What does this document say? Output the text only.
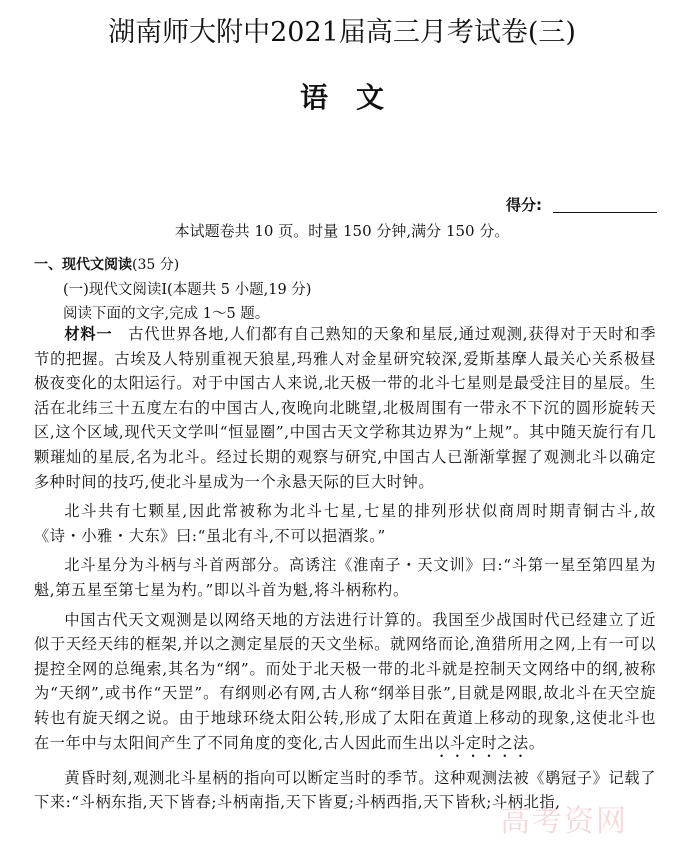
湖南师大附中2021届高三月考试卷(三)
语　文
得分:
本试题卷共 10 页。时量 150 分钟,满分 150 分。
一、现代文阅读(35 分)
(一)现代文阅读Ⅰ(本题共 5 小题,19 分)
阅读下面的文字,完成 1～5 题。

材料一　 古代世界各地,人们都有自己熟知的天象和星辰,通过观测,获得对于天时和季节的把握。古埃及人特别重视天狼星,玛雅人对金星研究较深,爱斯基摩人最关心关系极昼极夜变化的太阳运行。对于中国古人来说,北天极一带的北斗七星则是最受注目的星辰。生活在北纬三十五度左右的中国古人,夜晚向北眺望,北极周围有一带永不下沉的圆形旋转天区,这个区域,现代天文学叫“恒显圈”,中国古天文学称其边界为“上规”。其中随天旋行有几颗璀灿的星辰,名为北斗。经过长期的观察与研究,中国古人已渐渐掌握了观测北斗以确定多种时间的技巧,使北斗星成为一个永悬天际的巨大时钟。

北斗共有七颗星,因此常被称为北斗七星,七星的排列形状似商周时期青铜古斗,故《诗・小雅・大东》曰:“虽北有斗,不可以挹酒浆。”

北斗星分为斗柄与斗首两部分。高诱注《淮南子・天文训》曰:“斗第一星至第四星为魁,第五星至第七星为杓。”即以斗首为魁,将斗柄称杓。

中国古代天文观测是以网络天地的方法进行计算的。我国至少战国时代已经建立了近似于天经天纬的框架,并以之测定星辰的天文坐标。就网络而论,渔猎所用之网,上有一可以提控全网的总绳索,其名为“纲”。而处于北天极一带的北斗就是控制天文网络中的纲,被称为“天纲”,或书作“天罡”。有纲则必有网,古人称“纲举目张”,目就是网眼,故北斗在天空旋转也有旋天纲之说。由于地球环绕太阳公转,形成了太阳在黄道上移动的现象,这使北斗也在一年中与太阳间产生了不同角度的变化,古人因此而生出以斗定时之法。

黄昏时刻,观测北斗星柄的指向可以断定当时的季节。这种观测法被《鹖冠子》记载了下来:“斗柄东指,天下皆春;斗柄南指,天下皆夏;斗柄西指,天下皆秋;斗柄北指,

高考资网
